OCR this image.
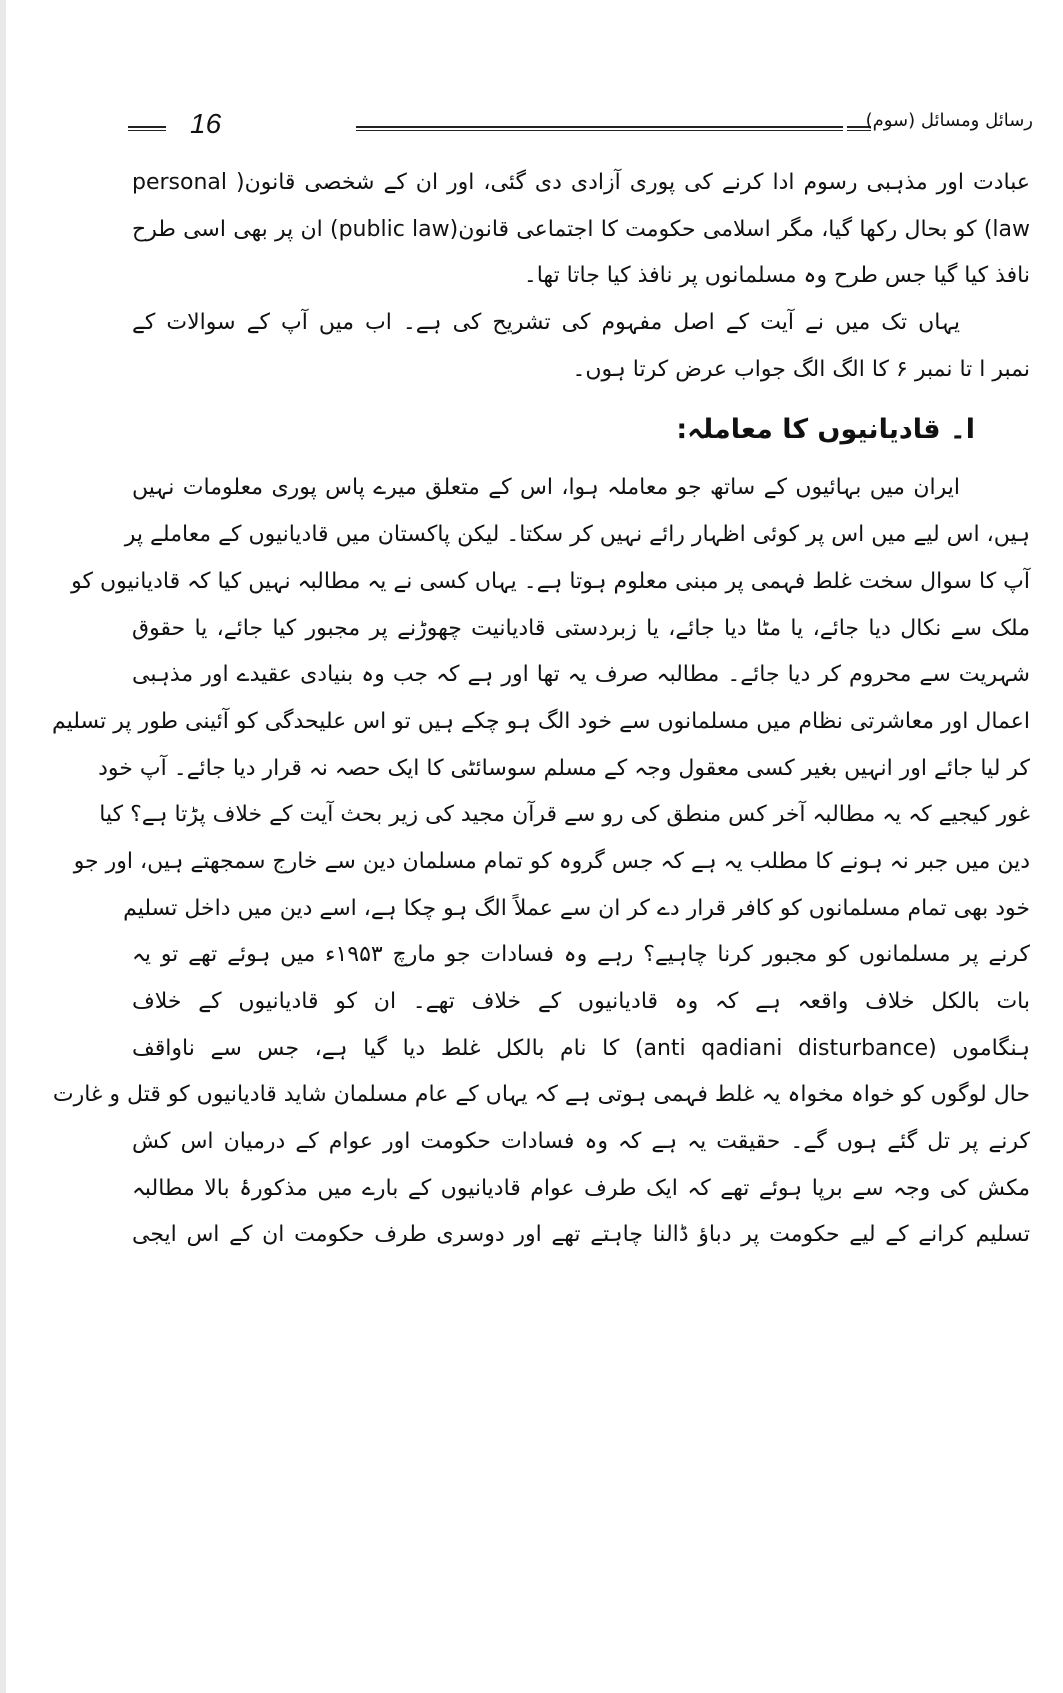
رسائل ومسائل (سوم)
16
عبادت اور مذہبی رسوم ادا کرنے کی پوری آزادی دی گئی، اور ان کے شخصی قانون( personal
law) کو بحال رکھا گیا، مگر اسلامی حکومت کا اجتماعی قانون(public law) ان پر بھی اسی طرح
نافذ کیا گیا جس طرح وہ مسلمانوں پر نافذ کیا جاتا تھا۔
یہاں تک میں نے آیت کے اصل مفہوم کی تشریح کی ہے۔ اب میں آپ کے سوالات کے
نمبر ا تا نمبر ۶ کا الگ الگ جواب عرض کرتا ہوں۔
ا۔ قادیانیوں کا معاملہ:
ایران میں بہائیوں کے ساتھ جو معاملہ ہوا، اس کے متعلق میرے پاس پوری معلومات نہیں
ہیں، اس لیے میں اس پر کوئی اظہار رائے نہیں کر سکتا۔ لیکن پاکستان میں قادیانیوں کے معاملے پر
آپ کا سوال سخت غلط فہمی پر مبنی معلوم ہوتا ہے۔ یہاں کسی نے یہ مطالبہ نہیں کیا کہ قادیانیوں کو
ملک سے نکال دیا جائے، یا مٹا دیا جائے، یا زبردستی قادیانیت چھوڑنے پر مجبور کیا جائے، یا حقوق
شہریت سے محروم کر دیا جائے۔ مطالبہ صرف یہ تھا اور ہے کہ جب وہ بنیادی عقیدے اور مذہبی
اعمال اور معاشرتی نظام میں مسلمانوں سے خود الگ ہو چکے ہیں تو اس علیحدگی کو آئینی طور پر تسلیم
کر لیا جائے اور انہیں بغیر کسی معقول وجہ کے مسلم سوسائٹی کا ایک حصہ نہ قرار دیا جائے۔ آپ خود
غور کیجیے کہ یہ مطالبہ آخر کس منطق کی رو سے قرآن مجید کی زیر بحث آیت کے خلاف پڑتا ہے؟ کیا
دین میں جبر نہ ہونے کا مطلب یہ ہے کہ جس گروہ کو تمام مسلمان دین سے خارج سمجھتے ہیں، اور جو
خود بھی تمام مسلمانوں کو کافر قرار دے کر ان سے عملاً الگ ہو چکا ہے، اسے دین میں داخل تسلیم
کرنے پر مسلمانوں کو مجبور کرنا چاہیے؟ رہے وہ فسادات جو مارچ ۱۹۵۳ء میں ہوئے تھے تو یہ
بات بالکل خلاف واقعہ ہے کہ وہ قادیانیوں کے خلاف تھے۔ ان کو قادیانیوں کے خلاف
ہنگاموں (anti qadiani disturbance) کا نام بالکل غلط دیا گیا ہے، جس سے ناواقف
حال لوگوں کو خواہ مخواہ یہ غلط فہمی ہوتی ہے کہ یہاں کے عام مسلمان شاید قادیانیوں کو قتل و غارت
کرنے پر تل گئے ہوں گے۔ حقیقت یہ ہے کہ وہ فسادات حکومت اور عوام کے درمیان اس کش
مکش کی وجہ سے برپا ہوئے تھے کہ ایک طرف عوام قادیانیوں کے بارے میں مذکورۂ بالا مطالبہ
تسلیم کرانے کے لیے حکومت پر دباؤ ڈالنا چاہتے تھے اور دوسری طرف حکومت ان کے اس ایجی
